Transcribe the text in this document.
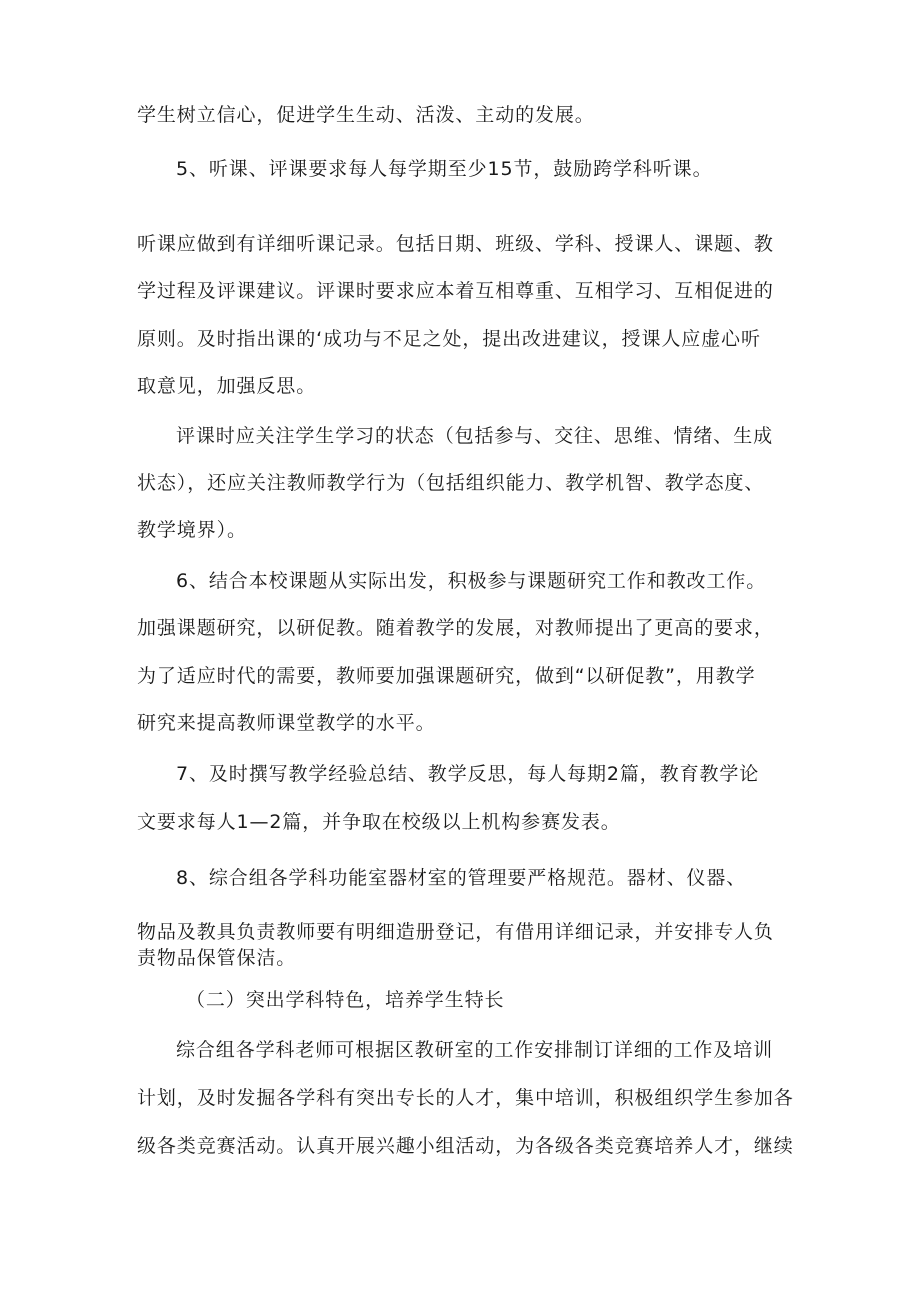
学生树立信心，促进学生生动、活泼、主动的发展。
5、听课、评课要求每人每学期至少15节，鼓励跨学科听课。
听课应做到有详细听课记录。包括日期、班级、学科、授课人、课题、教
学过程及评课建议。评课时要求应本着互相尊重、互相学习、互相促进的
原则。及时指出课的‘成功与不足之处，提出改进建议，授课人应虚心听
取意见，加强反思。
评课时应关注学生学习的状态（包括参与、交往、思维、情绪、生成
状态），还应关注教师教学行为（包括组织能力、教学机智、教学态度、
教学境界）。
6、结合本校课题从实际出发，积极参与课题研究工作和教改工作。
加强课题研究，以研促教。随着教学的发展，对教师提出了更高的要求，
为了适应时代的需要，教师要加强课题研究，做到“以研促教”，用教学
研究来提高教师课堂教学的水平。
7、及时撰写教学经验总结、教学反思，每人每期2篇，教育教学论
文要求每人1—2篇，并争取在校级以上机构参赛发表。
8、综合组各学科功能室器材室的管理要严格规范。器材、仪器、
物品及教具负责教师要有明细造册登记，有借用详细记录，并安排专人负
责物品保管保洁。
（二）突出学科特色，培养学生特长
综合组各学科老师可根据区教研室的工作安排制订详细的工作及培训
计划，及时发掘各学科有突出专长的人才，集中培训，积极组织学生参加各
级各类竞赛活动。认真开展兴趣小组活动，为各级各类竞赛培养人才，继续
